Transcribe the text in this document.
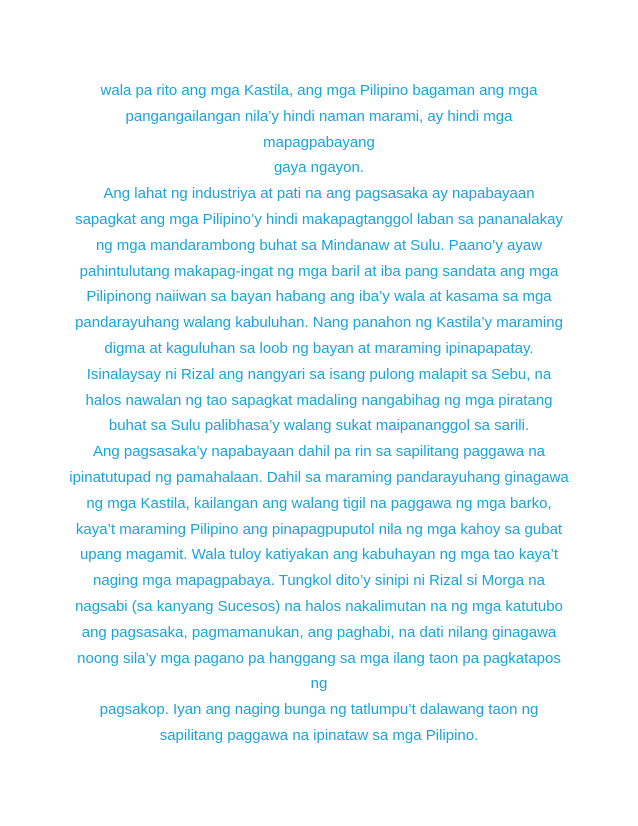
wala pa rito ang mga Kastila, ang mga Pilipino bagaman ang mga
pangangailangan nila’y hindi naman marami, ay hindi mga
mapagpabayang
gaya ngayon.
Ang lahat ng industriya at pati na ang pagsasaka ay napabayaan
sapagkat ang mga Pilipino’y hindi makapagtanggol laban sa pananalakay
ng mga mandarambong buhat sa Mindanaw at Sulu. Paano’y ayaw
pahintulutang makapag-ingat ng mga baril at iba pang sandata ang mga
Pilipinong naiiwan sa bayan habang ang iba’y wala at kasama sa mga
pandarayuhang walang kabuluhan. Nang panahon ng Kastila’y maraming
digma at kaguluhan sa loob ng bayan at maraming ipinapapatay.
Isinalaysay ni Rizal ang nangyari sa isang pulong malapit sa Sebu, na
halos nawalan ng tao sapagkat madaling nangabihag ng mga piratang
buhat sa Sulu palibhasa’y walang sukat maipananggol sa sarili.
Ang pagsasaka’y napabayaan dahil pa rin sa sapilitang paggawa na
ipinatutupad ng pamahalaan. Dahil sa maraming pandarayuhang ginagawa
ng mga Kastila, kailangan ang walang tigil na paggawa ng mga barko,
kaya’t maraming Pilipino ang pinapagpuputol nila ng mga kahoy sa gubat
upang magamit. Wala tuloy katiyakan ang kabuhayan ng mga tao kaya’t
naging mga mapagpabaya. Tungkol dito’y sinipi ni Rizal si Morga na
nagsabi (sa kanyang Sucesos) na halos nakalimutan na ng mga katutubo
ang pagsasaka, pagmamanukan, ang paghabi, na dati nilang ginagawa
noong sila’y mga pagano pa hanggang sa mga ilang taon pa pagkatapos
ng
pagsakop. Iyan ang naging bunga ng tatlumpu’t dalawang taon ng
sapilitang paggawa na ipinataw sa mga Pilipino.
